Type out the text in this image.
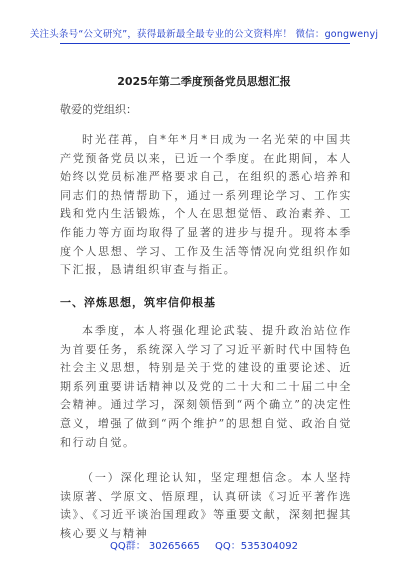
关注头条号“公文研究”，获得最新最全最专业的公文资料库！ 微信：gongwenyj
2025年第二季度预备党员思想汇报
敬爱的党组织：

时光荏苒，自*年*月*日成为一名光荣的中国共产党预备党员以来，已近一个季度。在此期间，本人始终以党员标准严格要求自己，在组织的悉心培养和同志们的热情帮助下，通过一系列理论学习、工作实践和党内生活锻炼，个人在思想觉悟、政治素养、工作能力等方面均取得了显著的进步与提升。现将本季度个人思想、学习、工作及生活等情况向党组织作如下汇报，恳请组织审查与指正。

一、淬炼思想，筑牢信仰根基

本季度，本人将强化理论武装、提升政治站位作为首要任务，系统深入学习了习近平新时代中国特色社会主义思想，特别是关于党的建设的重要论述、近期系列重要讲话精神以及党的二十大和二十届二中全会精神。通过学习，深刻领悟到“两个确立”的决定性意义，增强了做到“两个维护”的思想自觉、政治自觉和行动自觉。

（一）深化理论认知，坚定理想信念。本人坚持读原著、学原文、悟原理，认真研读《习近平著作选读》、《习近平谈治国理政》等重要文献，深刻把握其核心要义与精神

QQ群： 30265665 QQ：535304092
